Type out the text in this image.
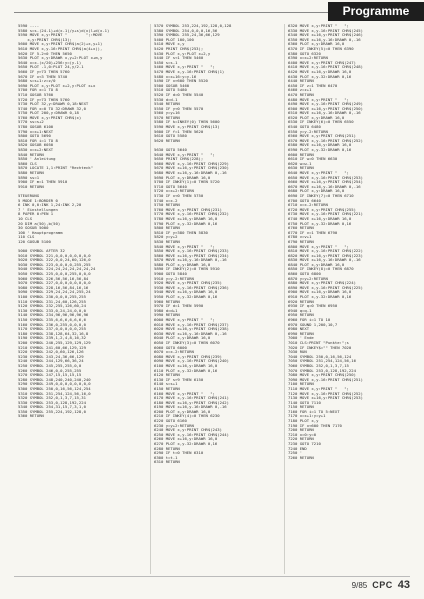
Programme
5590 ----
5580 s=s-(24-1)+d(x-1)/y+s)d(x)l+d(x-1)
5590 MOVE x,y:PRINT "        ";:MOVE
x,y:PRINT CHR$(13);
5600 MOVE x,y:PRINT CHR$(a(2)+x,y+1)
5610 MOVE x,y-16:PRINT CHR$(a(4+x)),
5620 IF 5-2<0 THEN 5650
5630 PLOT x,y:DRAWR x,y+2:PLOT x+m,y
5640 x=x-(x/20)+256:y=(y-1)
5650 PLOT -1,0:PLOT 24,y/2-1
5660 IF y>73 THEN 5760
5670 IF x<3 THEN 5740
5680 s=s+1:z=z/0
5690 PLOT x,y:PLOT x+2,y:PLOT x+x
5700 FOR x=1 TO 8
5710 GOSUB 5760
5720 IF y>73 THEN 5760
5730 PLOT 32,y:DRAWR 0,18:NEXT
5740 FOR x=0 TO 32:DRAWR 32,0
5750 PLOT 200,y:DRAWR 0,18
5760 MOVE x,y:PRINT CHR$(x)
5770 ss=s+2
5780 GOSUB 6100
5790 x=x+1:NEXT
5800 GOTO 5690
5810 FOR i=1 TO 8
5820 GOSUB 6050
5830 x=x+2:NEXT
5840 RETURN
5850 ' Anleitung
5860 CLS
5870 LOCATE 1,1:PRINT "Rechteck"
5880 RETURN
5890 ss=1
5900 IF m=1 THEN 5910
5910 RETURN

5TEUERUNG
5 MODE 1:BORDER 0
6 INK 0,0:INK 1,24:INK 2,20
7 ' Einstellungen
8 PAPER 0:PEN 1
10 CLS
20 DIM a(50),b(50)
30 GOSUB 5000
100 ' Hauptprogramm
110 CLS
120 GOSUB 5100

5000 SYMBOL AFTER 32
5010 SYMBOL 221,0,0,0,0,0,0,0,0
5020 SYMBOL 222,0,0,24,60,126,0
5030 SYMBOL 223,0,0,0,0,255,255
5040 SYMBOL 224,24,24,24,24,24,24
5050 SYMBOL 225,0,0,0,255,0,0,0
5060 SYMBOL 226,56,56,16,56,84
5070 SYMBOL 227,0,0,0,0,0,0,0,0
5080 SYMBOL 228,16,56,84,16,16
5090 SYMBOL 229,24,24,24,255,24
5100 SYMBOL 230,0,0,0,255,255
5110 SYMBOL 231,24,60,126,255
5120 SYMBOL 232,255,126,60,24
5130 SYMBOL 233,0,24,24,0,0,0
5140 SYMBOL 234,96,96,96,96,96
5150 SYMBOL 235,6,6,6,6,6,6,6
5160 SYMBOL 236,0,255,0,0,0,0
5170 SYMBOL 237,0,0,0,0,0,255
5180 SYMBOL 238,128,64,32,16,8
5190 SYMBOL 239,1,2,4,8,16,32
5200 SYMBOL 240,255,129,129,129
5210 SYMBOL 241,60,66,129,129
5220 SYMBOL 242,0,60,126,126
5230 SYMBOL 243,24,36,66,129
5240 SYMBOL 244,129,66,36,24
5250 SYMBOL 245,255,255,0,0
5260 SYMBOL 246,0,0,255,255
5270 SYMBOL 247,15,15,15,15
5280 SYMBOL 248,240,240,240,240
5290 SYMBOL 249,0,0,0,0,0,0,0,0
5300 SYMBOL 250,0,16,56,124,254
5310 SYMBOL 251,254,124,56,16,0
5320 SYMBOL 252,0,1,3,7,15,31
5330 SYMBOL 253,0,128,192,224
5340 SYMBOL 254,31,15,7,3,1,0
5350 SYMBOL 255,224,192,128,0
5360 RETURN
5370 SYMBOL 253,224,192,128,0,128
5380 SYMBOL 254,0,0,0,16,56
5390 SYMBOL 255,24,36,66,129
5400 PLOT 100,100
5410 MOVE x,y
5420 PRINT CHR$(253);
5430 PLOT x,y:PLOT x+2,y
5440 IF s<1 THEN 5460
5450 s=s-1
5460 MOVE x,y:PRINT "   ";
5470 MOVE x,y-16:PRINT CHR$(1)
5480 x=x+16:y=y-16
5490 IF x>600 THEN 5520
5500 GOSUB 5460
5510 GOTO 5480
5520 IF d=0 THEN 5540
5530 d=d-1
5540 RETURN
5550 IF y<0 THEN 5570
5560 y=y+16
5570 RETURN
5580 IF k=INKEY(0) THEN 5600
5590 MOVE x,y:PRINT CHR$(13)
5600 IF f=1 THEN 5620
5610 GOTO 5580
5620 RETURN

5630 GOTO 5640
5640 MOVE x,y:PRINT "   ";
5650 PRINT CHR$(228);
5660 MOVE x,y-16:PRINT CHR$(229)
5670 MOVE x+16,y:PRINT CHR$(230)
5680 MOVE x+16,y-16:DRAWR 0,-16
5690 PLOT x,y:DRAWR 16,0
5700 IF INKEY(1)=0 THEN 5720
5710 GOTO 5640
5720 x=x+2:RETURN
5730 IF x<0 THEN 5750
5740 x=x-2
5750 RETURN
5760 MOVE x,y:PRINT CHR$(231)
5770 MOVE x,y-16:PRINT CHR$(232)
5780 MOVE x+16,y:DRAWR 16,0
5790 PLOT x,y-32:DRAWR 0,16
5800 RETURN
5810 IF y>380 THEN 5830
5820 y=y+2
5830 RETURN
5840 MOVE x,y:PRINT "   ";
5850 MOVE x,y-16:PRINT CHR$(233)
5860 MOVE x+16,y:PRINT CHR$(234)
5870 MOVE x+16,y-16:DRAWR 0,-16
5880 PLOT x,y:DRAWR 16,0
5890 IF INKEY(2)=0 THEN 5910
5900 GOTO 5840
5910 y=y-2:RETURN
5920 MOVE x,y:PRINT CHR$(235)
5930 MOVE x,y-16:PRINT CHR$(236)
5940 MOVE x+16,y:DRAWR 16,0
5950 PLOT x,y-32:DRAWR 0,16
5960 RETURN
5970 IF d=1 THEN 5990
5980 d=d+1
5990 RETURN
6000 MOVE x,y:PRINT "   ";
6010 MOVE x,y-16:PRINT CHR$(237)
6020 MOVE x+16,y:PRINT CHR$(238)
6030 MOVE x+16,y-16:DRAWR 0,-16
6040 PLOT x,y:DRAWR 16,0
6050 IF INKEY(3)=0 THEN 6070
6060 GOTO 6000
6070 x=x-2:RETURN
6080 MOVE x,y:PRINT CHR$(239)
6090 MOVE x,y-16:PRINT CHR$(240)
6100 MOVE x+16,y:DRAWR 16,0
6110 PLOT x,y-32:DRAWR 0,16
6120 RETURN
6130 IF s>9 THEN 6150
6140 s=s+1
6150 RETURN
6160 MOVE x,y:PRINT "   ";
6170 MOVE x,y-16:PRINT CHR$(241)
6180 MOVE x+16,y:PRINT CHR$(242)
6190 MOVE x+16,y-16:DRAWR 0,-16
6200 PLOT x,y:DRAWR 16,0
6210 IF INKEY(4)=0 THEN 6230
6220 GOTO 6160
6230 y=y+2:RETURN
6240 MOVE x,y:PRINT CHR$(243)
6250 MOVE x,y-16:PRINT CHR$(244)
6260 MOVE x+16,y:DRAWR 16,0
6270 PLOT x,y-32:DRAWR 0,16
6280 RETURN
6290 IF t=0 THEN 6310
6300 t=t-1
6310 RETURN
6320 MOVE x,y:PRINT "   ";
6330 MOVE x,y-16:PRINT CHR$(245)
6340 MOVE x+16,y:PRINT CHR$(246)
6350 MOVE x+16,y-16:DRAWR 0,-16
6360 PLOT x,y:DRAWR 16,0
6370 IF INKEY(5)=0 THEN 6390
6380 GOTO 6320
6390 x=x+2:RETURN
6400 MOVE x,y:PRINT CHR$(247)
6410 MOVE x,y-16:PRINT CHR$(248)
6420 MOVE x+16,y:DRAWR 16,0
6430 PLOT x,y-32:DRAWR 0,16
6440 RETURN
6450 IF z=1 THEN 6470
6460 z=z+1
6470 RETURN
6480 MOVE x,y:PRINT "   ";
6490 MOVE x,y-16:PRINT CHR$(249)
6500 MOVE x+16,y:PRINT CHR$(250)
6510 MOVE x+16,y-16:DRAWR 0,-16
6520 PLOT x,y:DRAWR 16,0
6530 IF INKEY(6)=0 THEN 6550
6540 GOTO 6480
6550 y=y-2:RETURN
6560 MOVE x,y:PRINT CHR$(251)
6570 MOVE x,y-16:PRINT CHR$(252)
6580 MOVE x+16,y:DRAWR 16,0
6590 PLOT x,y-32:DRAWR 0,16
6600 RETURN
6610 IF w=0 THEN 6630
6620 w=w-1
6630 RETURN
6640 MOVE x,y:PRINT "   ";
6650 MOVE x,y-16:PRINT CHR$(253)
6660 MOVE x+16,y:PRINT CHR$(254)
6670 MOVE x+16,y-16:DRAWR 0,-16
6680 PLOT x,y:DRAWR 16,0
6690 IF INKEY(7)=0 THEN 6710
6700 GOTO 6640
6710 x=x-2:RETURN
6720 MOVE x,y:PRINT CHR$(255)
6730 MOVE x,y-16:PRINT CHR$(221)
6740 MOVE x+16,y:DRAWR 16,0
6750 PLOT x,y-32:DRAWR 0,16
6760 RETURN
6770 IF v=1 THEN 6790
6780 v=v+1
6790 RETURN
6800 MOVE x,y:PRINT "   ";
6810 MOVE x,y-16:PRINT CHR$(222)
6820 MOVE x+16,y:PRINT CHR$(223)
6830 MOVE x+16,y-16:DRAWR 0,-16
6840 PLOT x,y:DRAWR 16,0
6850 IF INKEY(8)=0 THEN 6870
6860 GOTO 6800
6870 y=y+2:RETURN
6880 MOVE x,y:PRINT CHR$(224)
6890 MOVE x,y-16:PRINT CHR$(225)
6900 MOVE x+16,y:DRAWR 16,0
6910 PLOT x,y-32:DRAWR 0,16
6920 RETURN
6930 IF q=0 THEN 6950
6940 q=q-1
6950 RETURN
6960 FOR i=1 TO 10
6970 SOUND 1,200,10,7
6980 NEXT
6990 RETURN
7000 ' Ende
7010 CLS:PRINT "Punkte:";s
7020 IF INKEY$="" THEN 7020
7030 RUN
7040 SYMBOL 250,0,16,56,124
7050 SYMBOL 251,254,124,56,16
7060 SYMBOL 252,0,1,3,7,15
7070 SYMBOL 253,0,128,192,224
7080 MOVE x,y:PRINT CHR$(250)
7090 MOVE x,y-16:PRINT CHR$(251)
7100 RETURN
7110 MOVE x,y:PRINT "   ";
7120 MOVE x,y-16:PRINT CHR$(252)
7130 MOVE x+16,y:PRINT CHR$(253)
7140 GOTO 7110
7150 RETURN
7160 FOR i=1 TO 5:NEXT
7170 x=x+1:y=y+1
7180 PLOT x,y
7190 IF x<600 THEN 7170
7200 RETURN
7210 x=0:y=0
7220 RETURN
7230 GOTO 7210
7240 END
7250 '
7260 RETURN
9/85 CPC 43
